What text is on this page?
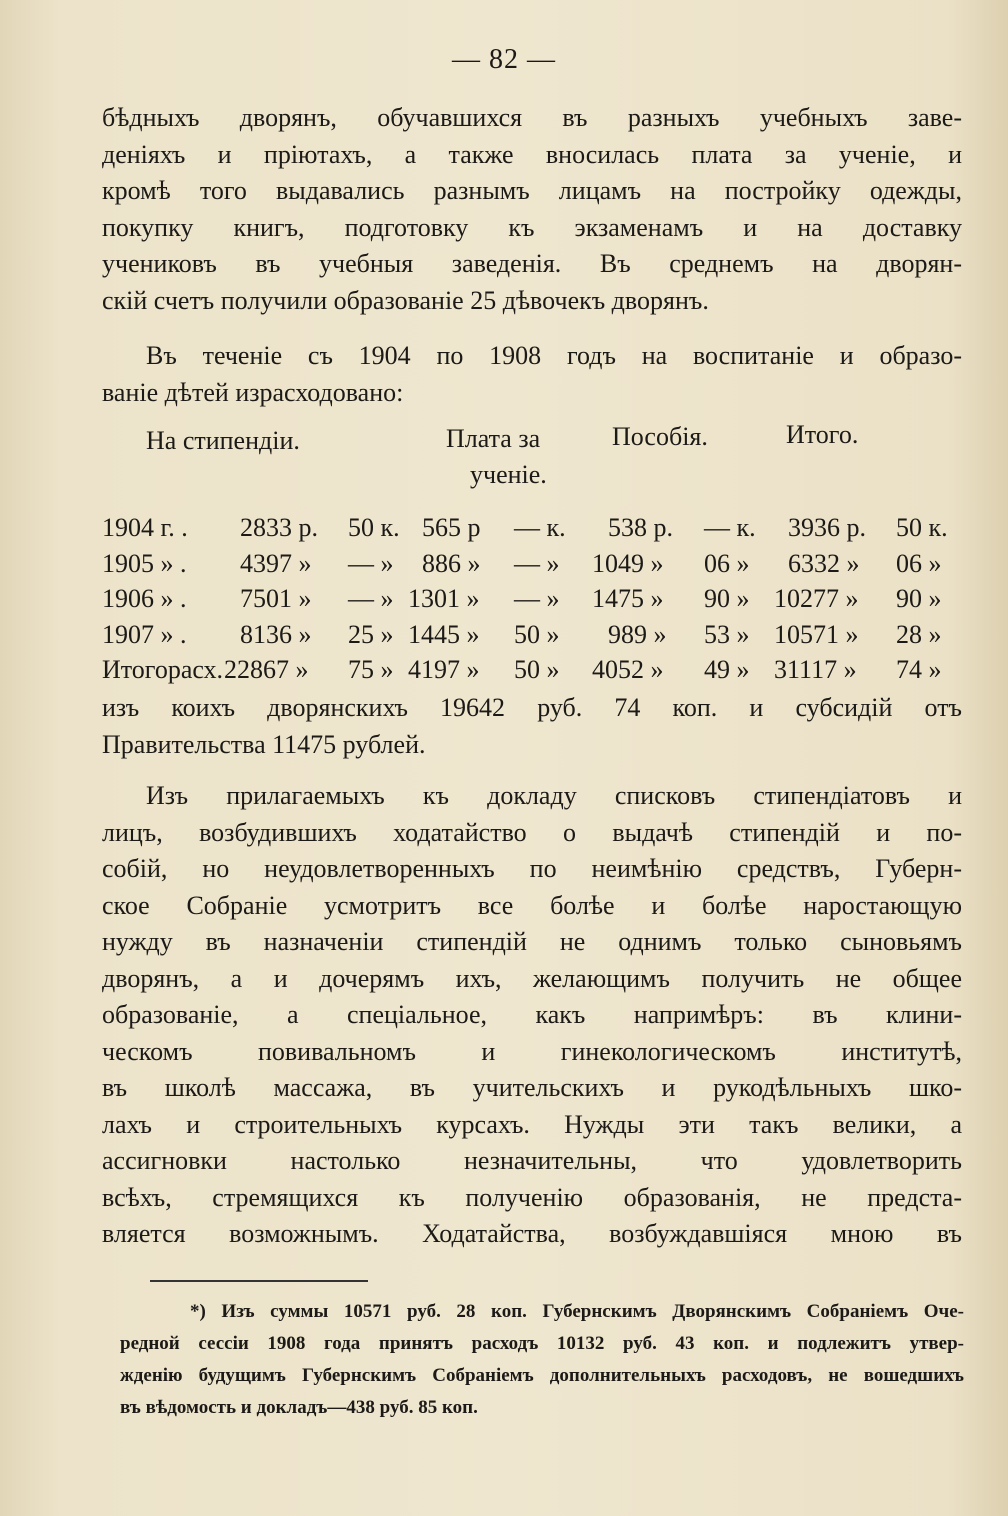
— 82 —
бѣдныхъ дворянъ, обучавшихся въ разныхъ учебныхъ заве-
деніяхъ и пріютахъ, а также вносилась плата за ученіе, и
кромѣ того выдавались разнымъ лицамъ на постройку одежды,
покупку книгъ, подготовку къ экзаменамъ и на доставку
учениковъ въ учебныя заведенія. Въ среднемъ на дворян-
скій счетъ получили образованіе 25 дѣвочекъ дворянъ.
Въ теченіе съ 1904 по 1908 годъ на воспитаніе и образо-
ваніе дѣтей израсходовано:
На стипендіи.	Плата за
ученіе.
Пособія.	Итого.
1904 г. . 2833 р. 50 к. 565 р — к. 538 р. — к. 3936 р. 50 к.
1905 » . 4397 » — » 886 » — » 1049 » 06 » 6332 » 06 »
1906 » . 7501 » — » 1301 » — » 1475 » 90 » 10277 » 90 »
1907 » . 8136 » 25 » 1445 » 50 » 989 » 53 » 10571 » 28 »
Итогорасх. 22867 » 75 » 4197 » 50 » 4052 » 49 » 31117 » 74 »
изъ коихъ дворянскихъ 19642 руб. 74 коп. и субсидій отъ
Правительства 11475 рублей.
Изъ прилагаемыхъ къ докладу списковъ стипендіатовъ и
лицъ, возбудившихъ ходатайство о выдачѣ стипендій и по-
собій, но неудовлетворенныхъ по неимѣнію средствъ, Губерн-
ское Собраніе усмотритъ все болѣе и болѣе наростающую
нужду въ назначеніи стипендій не однимъ только сыновьямъ
дворянъ, а и дочерямъ ихъ, желающимъ получить не общее
образованіе, а спеціальное, какъ напримѣръ: въ клини-
ческомъ повивальномъ и гинекологическомъ институтѣ,
въ школѣ массажа, въ учительскихъ и рукодѣльныхъ шко-
лахъ и строительныхъ курсахъ. Нужды эти такъ велики, а
ассигновки настолько незначительны, что удовлетворить
всѣхъ, стремящихся къ полученію образованія, не предста-
вляется возможнымъ. Ходатайства, возбуждавшіяся мною въ
*) Изъ суммы 10571 руб. 28 коп. Губернскимъ Дворянскимъ Собраніемъ Оче-
редной сессіи 1908 года принятъ расходъ 10132 руб. 43 коп. и подлежитъ утвер-
жденію будущимъ Губернскимъ Собраніемъ дополнительныхъ расходовъ, не вошедшихъ
въ вѣдомость и докладъ—438 руб. 85 коп.
